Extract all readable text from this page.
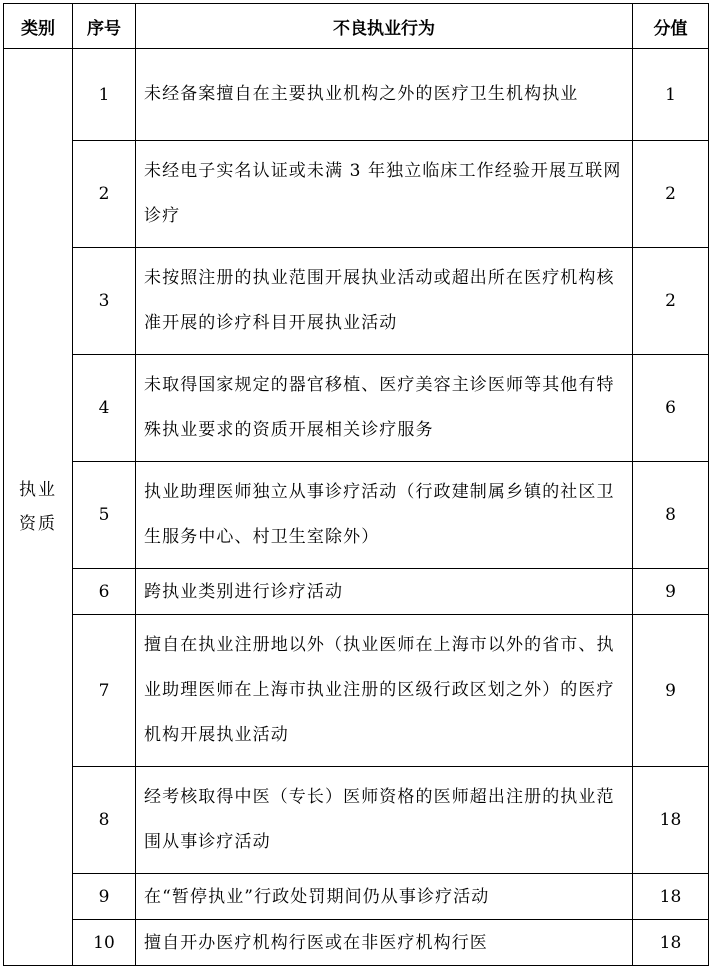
类别	序号	不良执业行为	分值

执业
资质	1	未经备案擅自在主要执业机构之外的医疗卫生机构执业	1
	2	未经电子实名认证或未满 3 年独立临床工作经验开展互联网诊疗	2
	3	未按照注册的执业范围开展执业活动或超出所在医疗机构核准开展的诊疗科目开展执业活动	2
	4	未取得国家规定的器官移植、医疗美容主诊医师等其他有特殊执业要求的资质开展相关诊疗服务	6
	5	执业助理医师独立从事诊疗活动（行政建制属乡镇的社区卫生服务中心、村卫生室除外）	8
	6	跨执业类别进行诊疗活动	9
	7	擅自在执业注册地以外（执业医师在上海市以外的省市、执业助理医师在上海市执业注册的区级行政区划之外）的医疗机构开展执业活动	9
	8	经考核取得中医（专长）医师资格的医师超出注册的执业范围从事诊疗活动	18
	9	在“暂停执业”行政处罚期间仍从事诊疗活动	18
	10	擅自开办医疗机构行医或在非医疗机构行医	18
